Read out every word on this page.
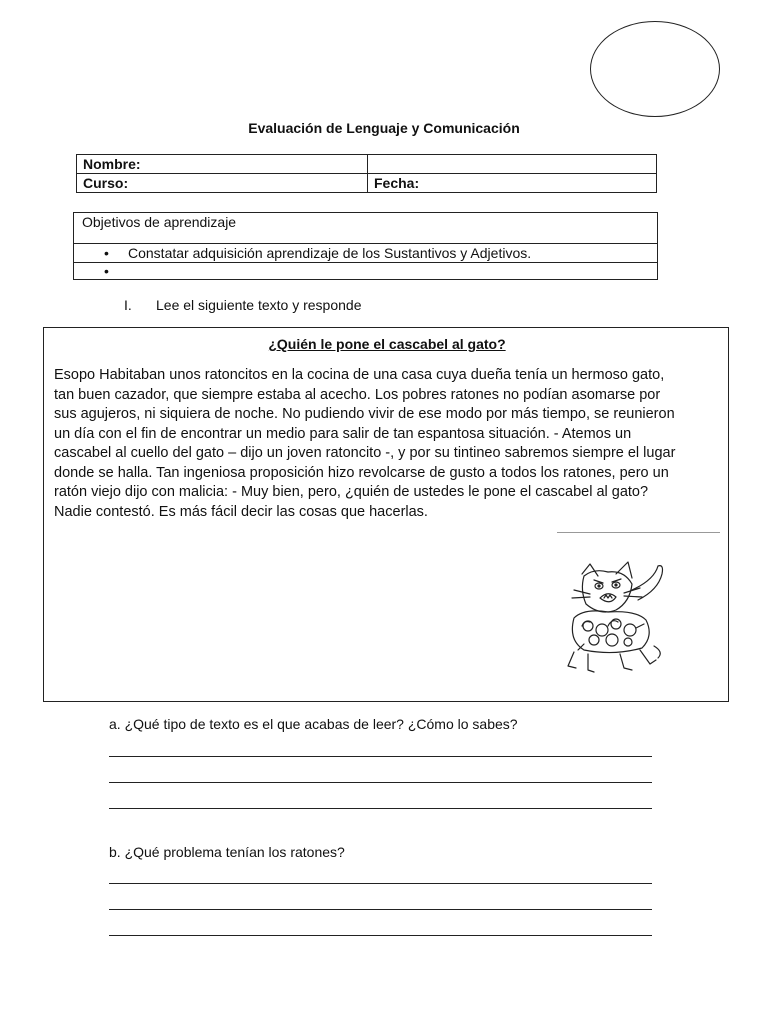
Evaluación de Lenguaje y Comunicación
Nombre:	
Curso:	Fecha:
Objetivos de aprendizaje
• Constatar adquisición aprendizaje de los Sustantivos y Adjetivos.
•
I. Lee el siguiente texto y responde
¿Quién le pone el cascabel al gato?
Esopo Habitaban unos ratoncitos en la cocina de una casa cuya dueña tenía un hermoso gato,
tan buen cazador, que siempre estaba al acecho. Los pobres ratones no podían asomarse por
sus agujeros, ni siquiera de noche. No pudiendo vivir de ese modo por más tiempo, se reunieron
un día con el fin de encontrar un medio para salir de tan espantosa situación. - Atemos un
cascabel al cuello del gato – dijo un joven ratoncito -, y por su tintineo sabremos siempre el lugar
donde se halla. Tan ingeniosa proposición hizo revolcarse de gusto a todos los ratones, pero un
ratón viejo dijo con malicia: - Muy bien, pero, ¿quién de ustedes le pone el cascabel al gato?
Nadie contestó. Es más fácil decir las cosas que hacerlas.
a. ¿Qué tipo de texto es el que acabas de leer? ¿Cómo lo sabes?
b. ¿Qué problema tenían los ratones?
